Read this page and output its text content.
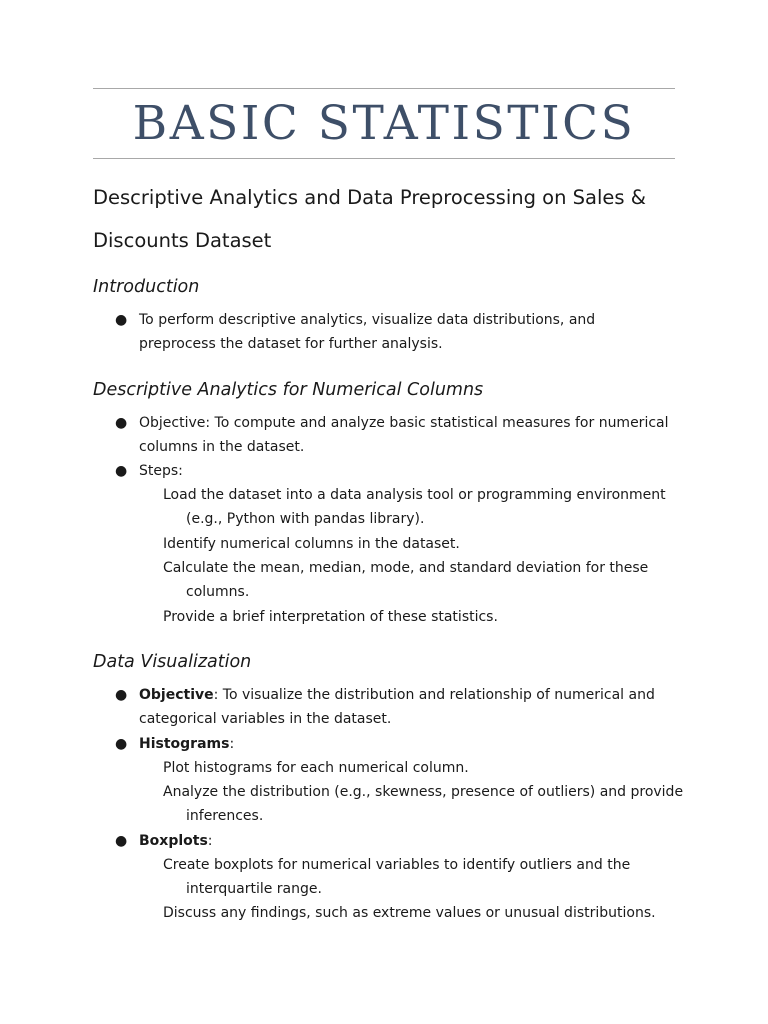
BASIC STATISTICS
Descriptive Analytics and Data Preprocessing on Sales & Discounts Dataset
Introduction
● To perform descriptive analytics, visualize data distributions, and preprocess the dataset for further analysis.
Descriptive Analytics for Numerical Columns
● Objective: To compute and analyze basic statistical measures for numerical columns in the dataset.
● Steps:
Load the dataset into a data analysis tool or programming environment (e.g., Python with pandas library).
Identify numerical columns in the dataset.
Calculate the mean, median, mode, and standard deviation for these columns.
Provide a brief interpretation of these statistics.
Data Visualization
● Objective: To visualize the distribution and relationship of numerical and categorical variables in the dataset.
● Histograms:
Plot histograms for each numerical column.
Analyze the distribution (e.g., skewness, presence of outliers) and provide inferences.
● Boxplots:
Create boxplots for numerical variables to identify outliers and the interquartile range.
Discuss any findings, such as extreme values or unusual distributions.
